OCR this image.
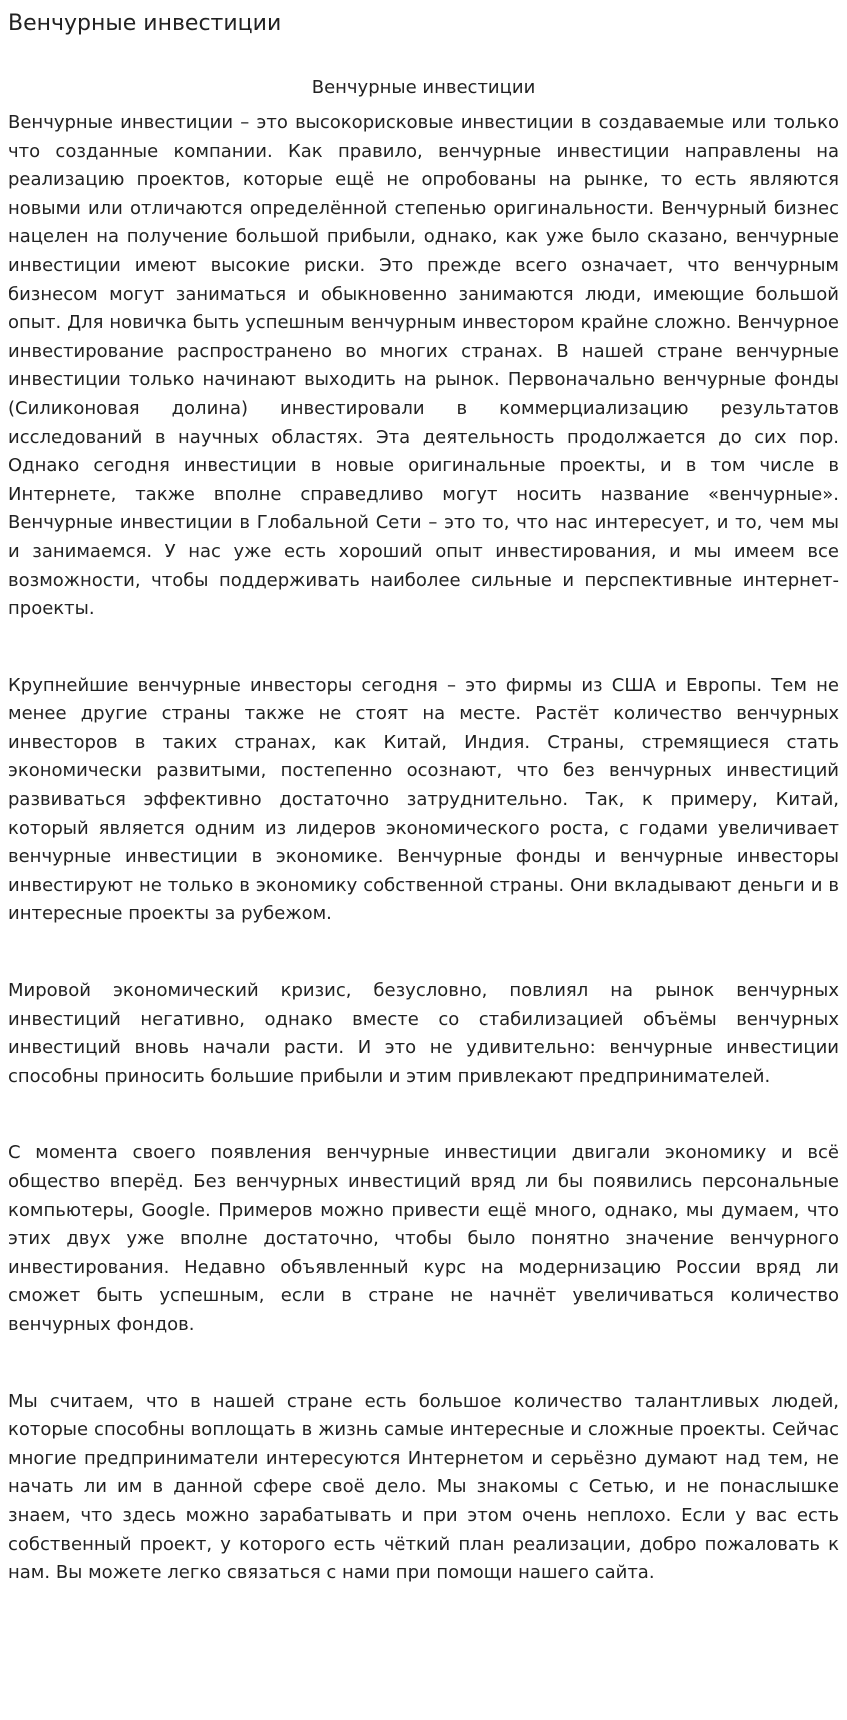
Венчурные инвестиции
Венчурные инвестиции

Венчурные инвестиции – это высокорисковые инвестиции в создаваемые или только что созданные компании. Как правило, венчурные инвестиции направлены на реализацию проектов, которые ещё не опробованы на рынке, то есть являются новыми или отличаются определённой степенью оригинальности. Венчурный бизнес нацелен на получение большой прибыли, однако, как уже было сказано, венчурные инвестиции имеют высокие риски. Это прежде всего означает, что венчурным бизнесом могут заниматься и обыкновенно занимаются люди, имеющие большой опыт. Для новичка быть успешным венчурным инвестором крайне сложно. Венчурное инвестирование распространено во многих странах. В нашей стране венчурные инвестиции только начинают выходить на рынок. Первоначально венчурные фонды (Силиконовая долина) инвестировали в коммерциализацию результатов исследований в научных областях. Эта деятельность продолжается до сих пор. Однако сегодня инвестиции в новые оригинальные проекты, и в том числе в Интернете, также вполне справедливо могут носить название «венчурные». Венчурные инвестиции в Глобальной Сети – это то, что нас интересует, и то, чем мы и занимаемся. У нас уже есть хороший опыт инвестирования, и мы имеем все возможности, чтобы поддерживать наиболее сильные и перспективные интернет-проекты.

Крупнейшие венчурные инвесторы сегодня – это фирмы из США и Европы. Тем не менее другие страны также не стоят на месте. Растёт количество венчурных инвесторов в таких странах, как Китай, Индия. Страны, стремящиеся стать экономически развитыми, постепенно осознают, что без венчурных инвестиций развиваться эффективно достаточно затруднительно. Так, к примеру, Китай, который является одним из лидеров экономического роста, с годами увеличивает венчурные инвестиции в экономике. Венчурные фонды и венчурные инвесторы инвестируют не только в экономику собственной страны. Они вкладывают деньги и в интересные проекты за рубежом.

Мировой экономический кризис, безусловно, повлиял на рынок венчурных инвестиций негативно, однако вместе со стабилизацией объёмы венчурных инвестиций вновь начали расти. И это не удивительно: венчурные инвестиции способны приносить большие прибыли и этим привлекают предпринимателей.

С момента своего появления венчурные инвестиции двигали экономику и всё общество вперёд. Без венчурных инвестиций вряд ли бы появились персональные компьютеры, Google. Примеров можно привести ещё много, однако, мы думаем, что этих двух уже вполне достаточно, чтобы было понятно значение венчурного инвестирования. Недавно объявленный курс на модернизацию России вряд ли сможет быть успешным, если в стране не начнёт увеличиваться количество венчурных фондов.

Мы считаем, что в нашей стране есть большое количество талантливых людей, которые способны воплощать в жизнь самые интересные и сложные проекты. Сейчас многие предприниматели интересуются Интернетом и серьёзно думают над тем, не начать ли им в данной сфере своё дело. Мы знакомы с Сетью, и не понаслышке знаем, что здесь можно зарабатывать и при этом очень неплохо. Если у вас есть собственный проект, у которого есть чёткий план реализации, добро пожаловать к нам. Вы можете легко связаться с нами при помощи нашего сайта.
